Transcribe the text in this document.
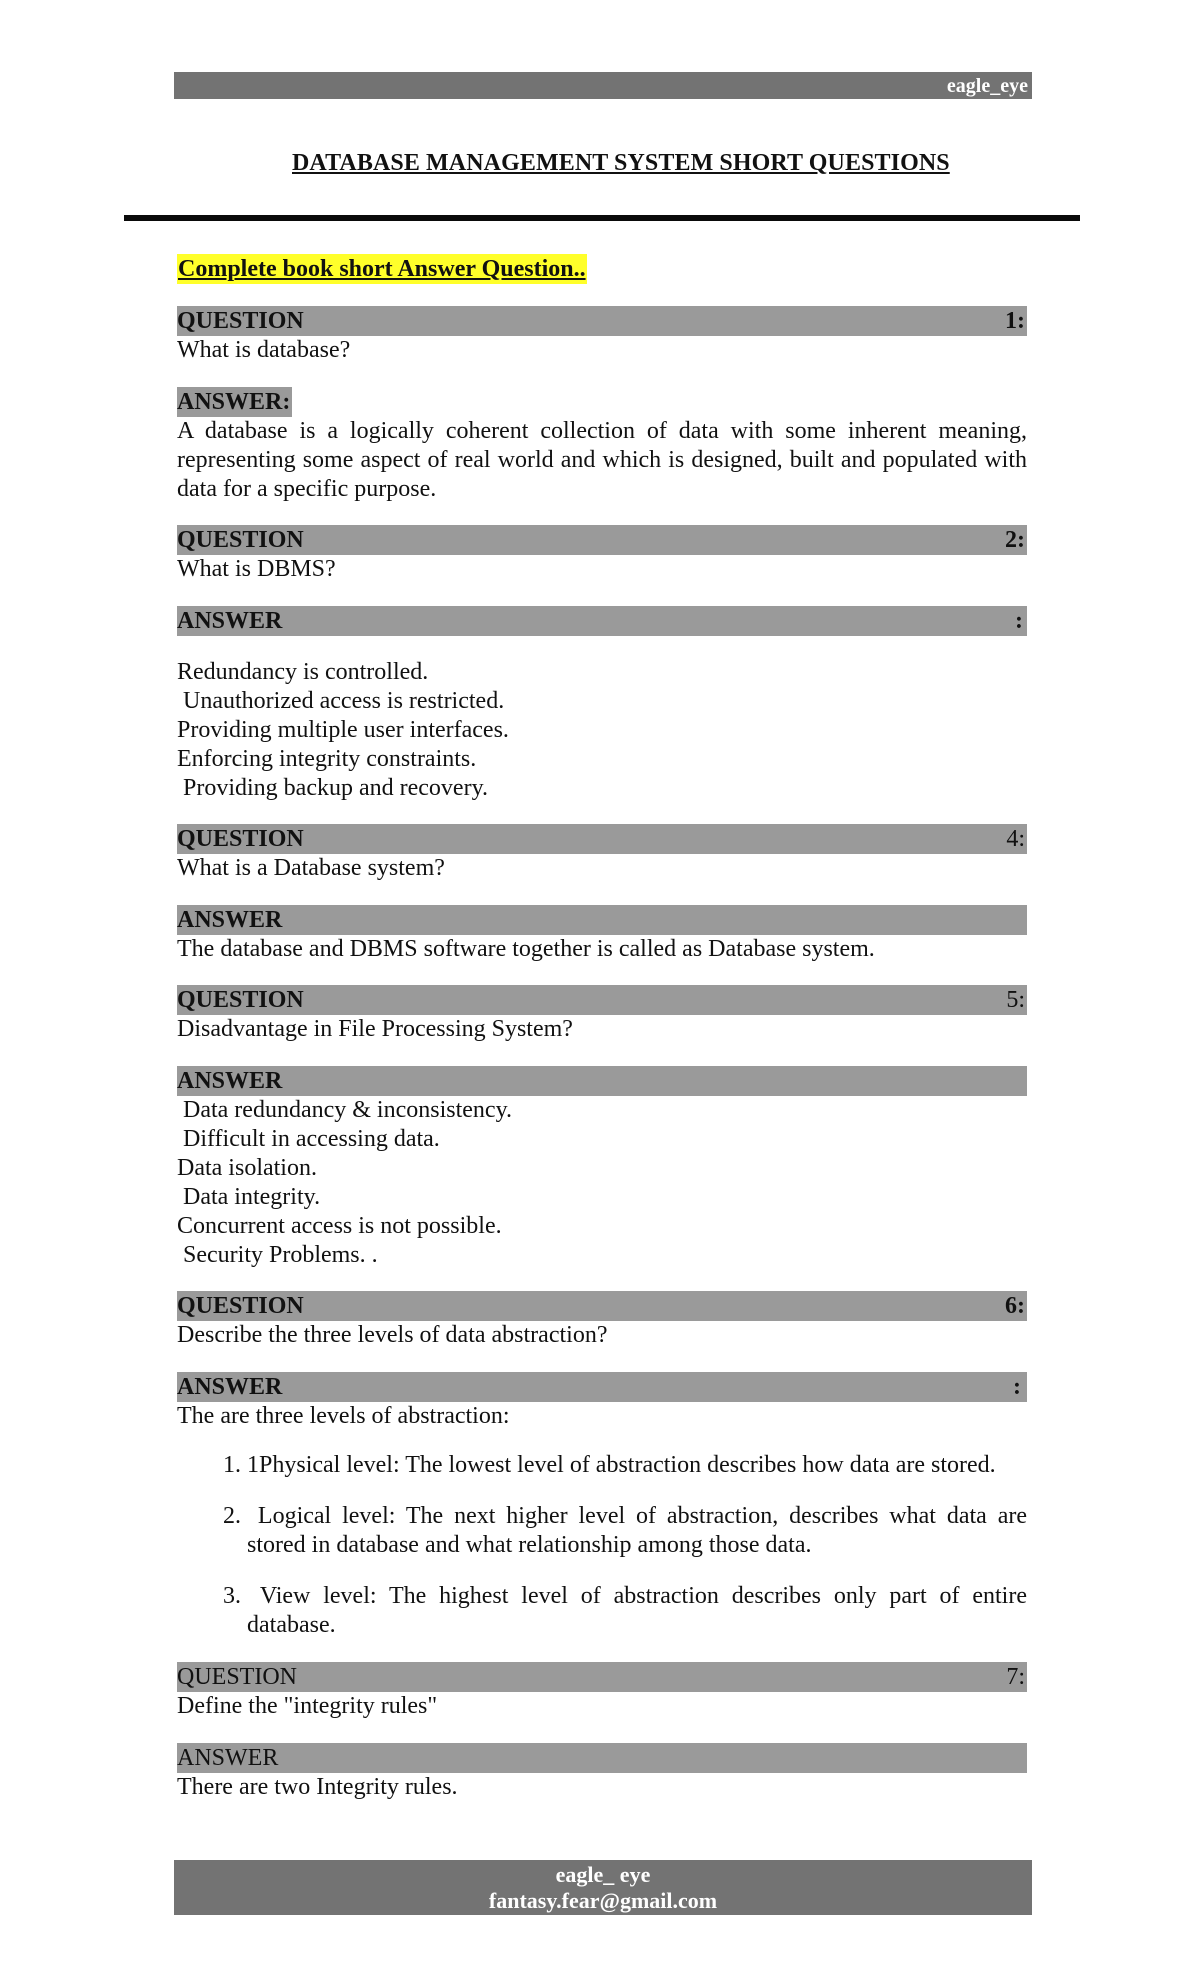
eagle_eye
DATABASE MANAGEMENT SYSTEM SHORT QUESTIONS
Complete book short Answer Question..
QUESTION	1:

What is database?

ANSWER:

A database is a logically coherent collection of data with some inherent meaning, representing some aspect of real world and which is designed, built and populated with data for a specific purpose.

QUESTION	2:

What is DBMS?

ANSWER	:

Redundancy is controlled.

Unauthorized access is restricted.

Providing multiple user interfaces.

Enforcing integrity constraints.

Providing backup and recovery.

QUESTION	4:

What is a Database system?

ANSWER

The database and DBMS software together is called as Database system.

QUESTION	5:

Disadvantage in File Processing System?

ANSWER

Data redundancy & inconsistency.

Difficult in accessing data.

Data isolation.

Data integrity.

Concurrent access is not possible.

Security Problems. .

QUESTION	6:

Describe the three levels of data abstraction?

ANSWER	:

The are three levels of abstraction:

1. 1Physical level: The lowest level of abstraction describes how data are stored.
2.  Logical level: The next higher level of abstraction, describes what data are stored in database and what relationship among those data.
3.  View level: The highest level of abstraction describes only part of entire database.
QUESTION	7:

Define the "integrity rules"

ANSWER

There are two Integrity rules.

eagle_ eye
fantasy.fear@gmail.com
